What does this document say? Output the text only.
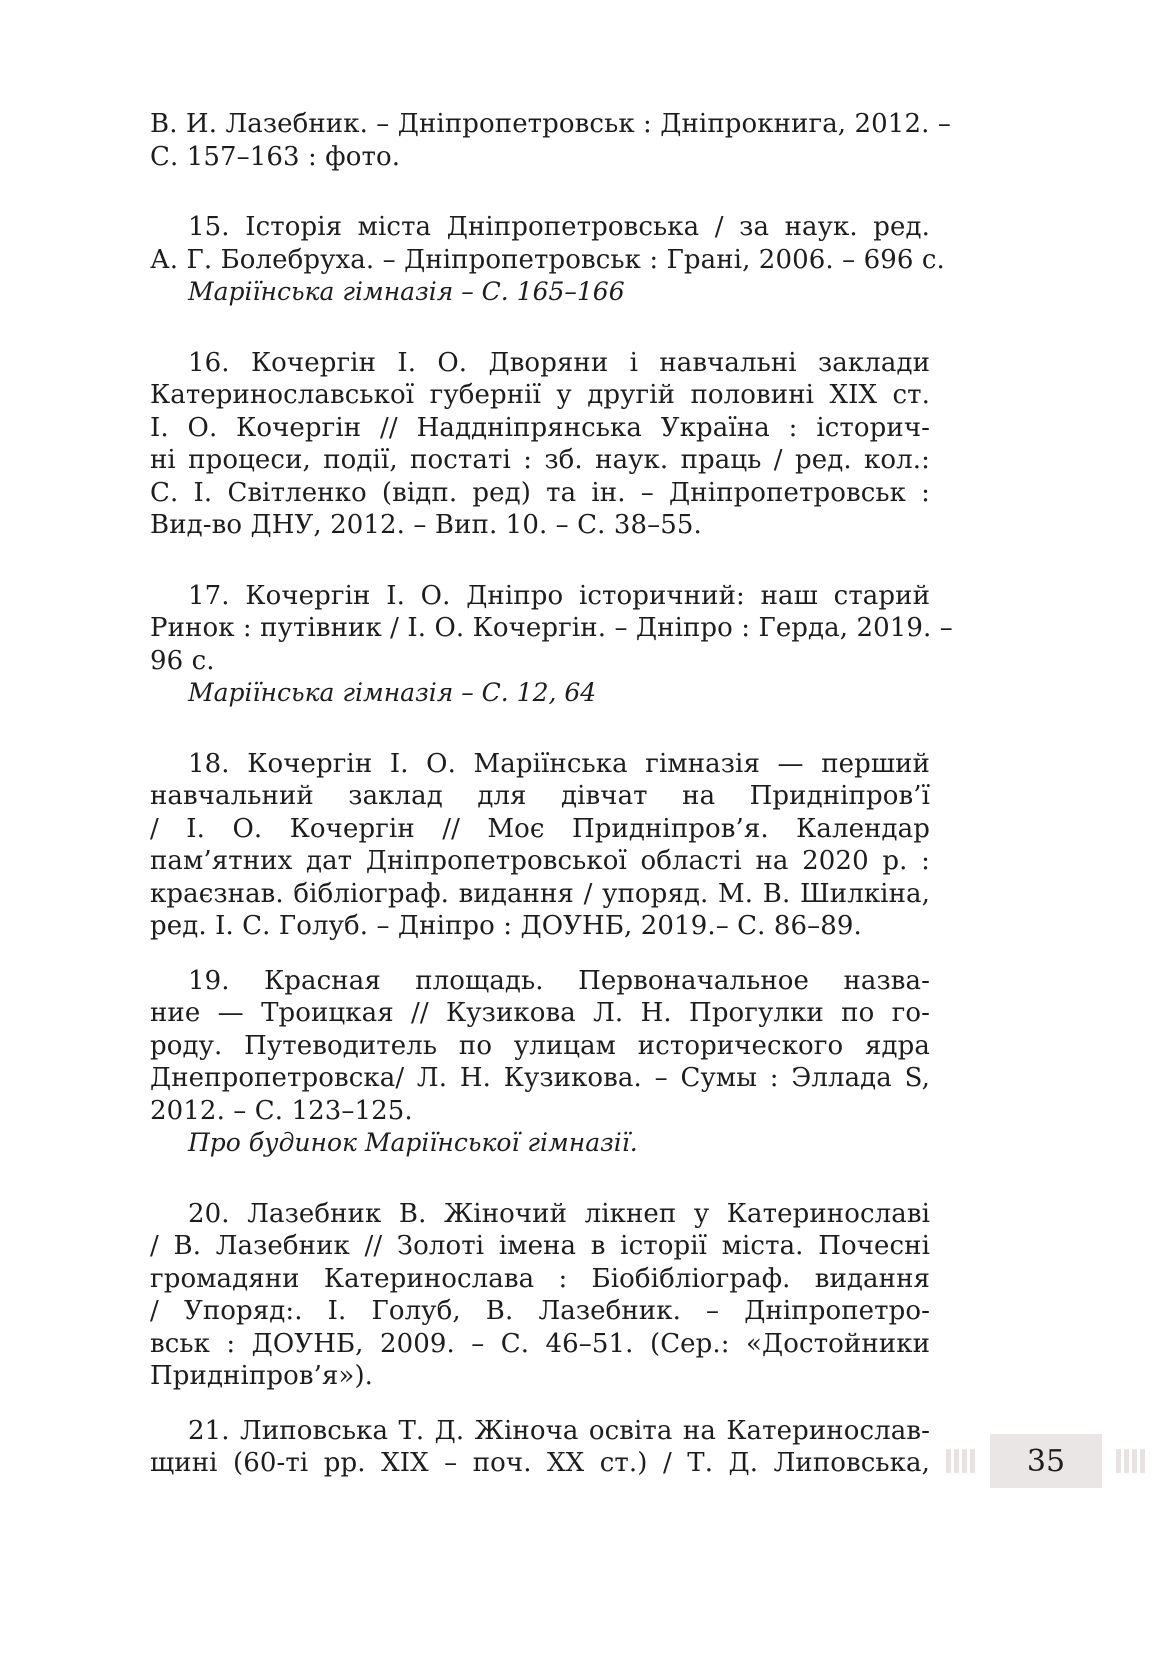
В. И. Лазебник. – Дніпропетровськ : Дніпрокнига, 2012. –
С. 157–163 : фото.
15. Історія міста Дніпропетровська / за наук. ред.
А. Г. Болебруха. – Дніпропетровськ : Грані, 2006. – 696 с.
Маріїнська гімназія – С. 165–166
16. Кочергін І. О. Дворяни і навчальні заклади
Катеринославської губернії у другій половині XIX ст.
І. О. Кочергін // Наддніпрянська Україна : історич-
ні процеси, події, постаті : зб. наук. праць / ред. кол.:
С. І. Світленко (відп. ред) та ін. – Дніпропетровськ :
Вид-во ДНУ, 2012. – Вип. 10. – С. 38–55.
17. Кочергін І. О. Дніпро історичний: наш старий
Ринок : путівник / І. О. Кочергін. – Дніпро : Герда, 2019. –
96 с.
Маріїнська гімназія – С. 12, 64
18. Кочергін І. О. Маріїнська гімназія — перший
навчальний заклад для дівчат на Придніпров’ї
/ І. О. Кочергін // Моє Придніпров’я. Календар
пам’ятних дат Дніпропетровської області на 2020 р. :
краєзнав. бібліограф. видання / упоряд. М. В. Шилкіна,
ред. І. С. Голуб. – Дніпро : ДОУНБ, 2019.– С. 86–89.
19. Красная площадь. Первоначальное назва-
ние — Троицкая // Кузикова Л. Н. Прогулки по го-
роду. Путеводитель по улицам исторического ядра
Днепропетровска/ Л. Н. Кузикова. – Сумы : Эллада S,
2012. – С. 123–125.
Про будинок Маріїнської гімназії.
20. Лазебник В. Жіночий лікнеп у Катеринославі
/ В. Лазебник // Золоті імена в історії міста. Почесні
громадяни Катеринослава : Біобібліограф. видання
/ Упоряд:. І. Голуб, В. Лазебник. – Дніпропетро-
вськ : ДОУНБ, 2009. – С. 46–51. (Сер.: «Достойники
Придніпров’я»).
21. Липовська Т. Д. Жіноча освіта на Катеринослав-
щині (60-ті рр. XIX – поч. XX ст.) / Т. Д. Липовська,	35
